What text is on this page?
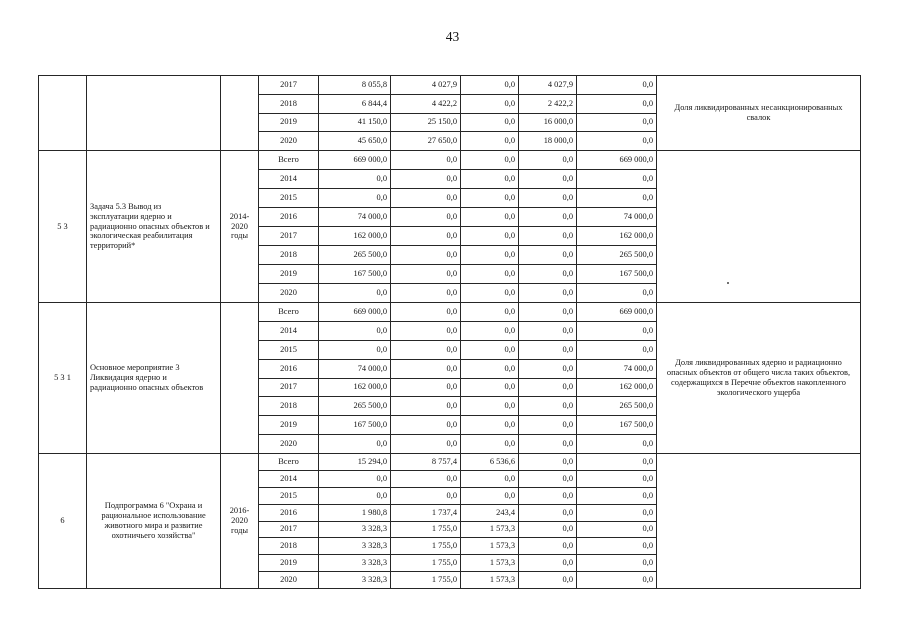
43
			2017	8 055,8	4 027,9	0,0	4 027,9	0,0	Доля ликвидированных несанкционированных
свалок

			2018	6 844,4	4 422,2	0,0	2 422,2	0,0	
			2019	41 150,0	25 150,0	0,0	16 000,0	0,0	
			2020	45 650,0	27 650,0	0,0	18 000,0	0,0	
5 3	Задача 5.3 Вывод из
эксплуатации ядерно и
радиационно опасных объектов и
экологическая реабилитация
территорий*	2014-
2020
годы	Всего	669 000,0	0,0	0,0	0,0	669 000,0	
			2014	0,0	0,0	0,0	0,0	0,0	
			2015	0,0	0,0	0,0	0,0	0,0	
			2016	74 000,0	0,0	0,0	0,0	74 000,0	
			2017	162 000,0	0,0	0,0	0,0	162 000,0	
			2018	265 500,0	0,0	0,0	0,0	265 500,0	
			2019	167 500,0	0,0	0,0	0,0	167 500,0	
			2020	0,0	0,0	0,0	0,0	0,0	
5 3 1	Основное мероприятие 3
Ликвидация ядерно и
радиационно опасных объектов		Всего	669 000,0	0,0	0,0	0,0	669 000,0	Доля ликвидированных ядерно и радиационно
опасных объектов от общего числа таких объектов,
содержащихся в Перечне объектов накопленного
экологического ущерба

			2014	0,0	0,0	0,0	0,0	0,0	
			2015	0,0	0,0	0,0	0,0	0,0	
			2016	74 000,0	0,0	0,0	0,0	74 000,0	
			2017	162 000,0	0,0	0,0	0,0	162 000,0	
			2018	265 500,0	0,0	0,0	0,0	265 500,0	
			2019	167 500,0	0,0	0,0	0,0	167 500,0	
			2020	0,0	0,0	0,0	0,0	0,0	
6	Подпрограмма 6 "Охрана и
рациональное использование
животного мира и развитие
охотничьего хозяйства"	2016-
2020
годы	Всего	15 294,0	8 757,4	6 536,6	0,0	0,0	
			2014	0,0	0,0	0,0	0,0	0,0	
			2015	0,0	0,0	0,0	0,0	0,0	
			2016	1 980,8	1 737,4	243,4	0,0	0,0	
			2017	3 328,3	1 755,0	1 573,3	0,0	0,0	
			2018	3 328,3	1 755,0	1 573,3	0,0	0,0	
			2019	3 328,3	1 755,0	1 573,3	0,0	0,0	
			2020	3 328,3	1 755,0	1 573,3	0,0	0,0	
